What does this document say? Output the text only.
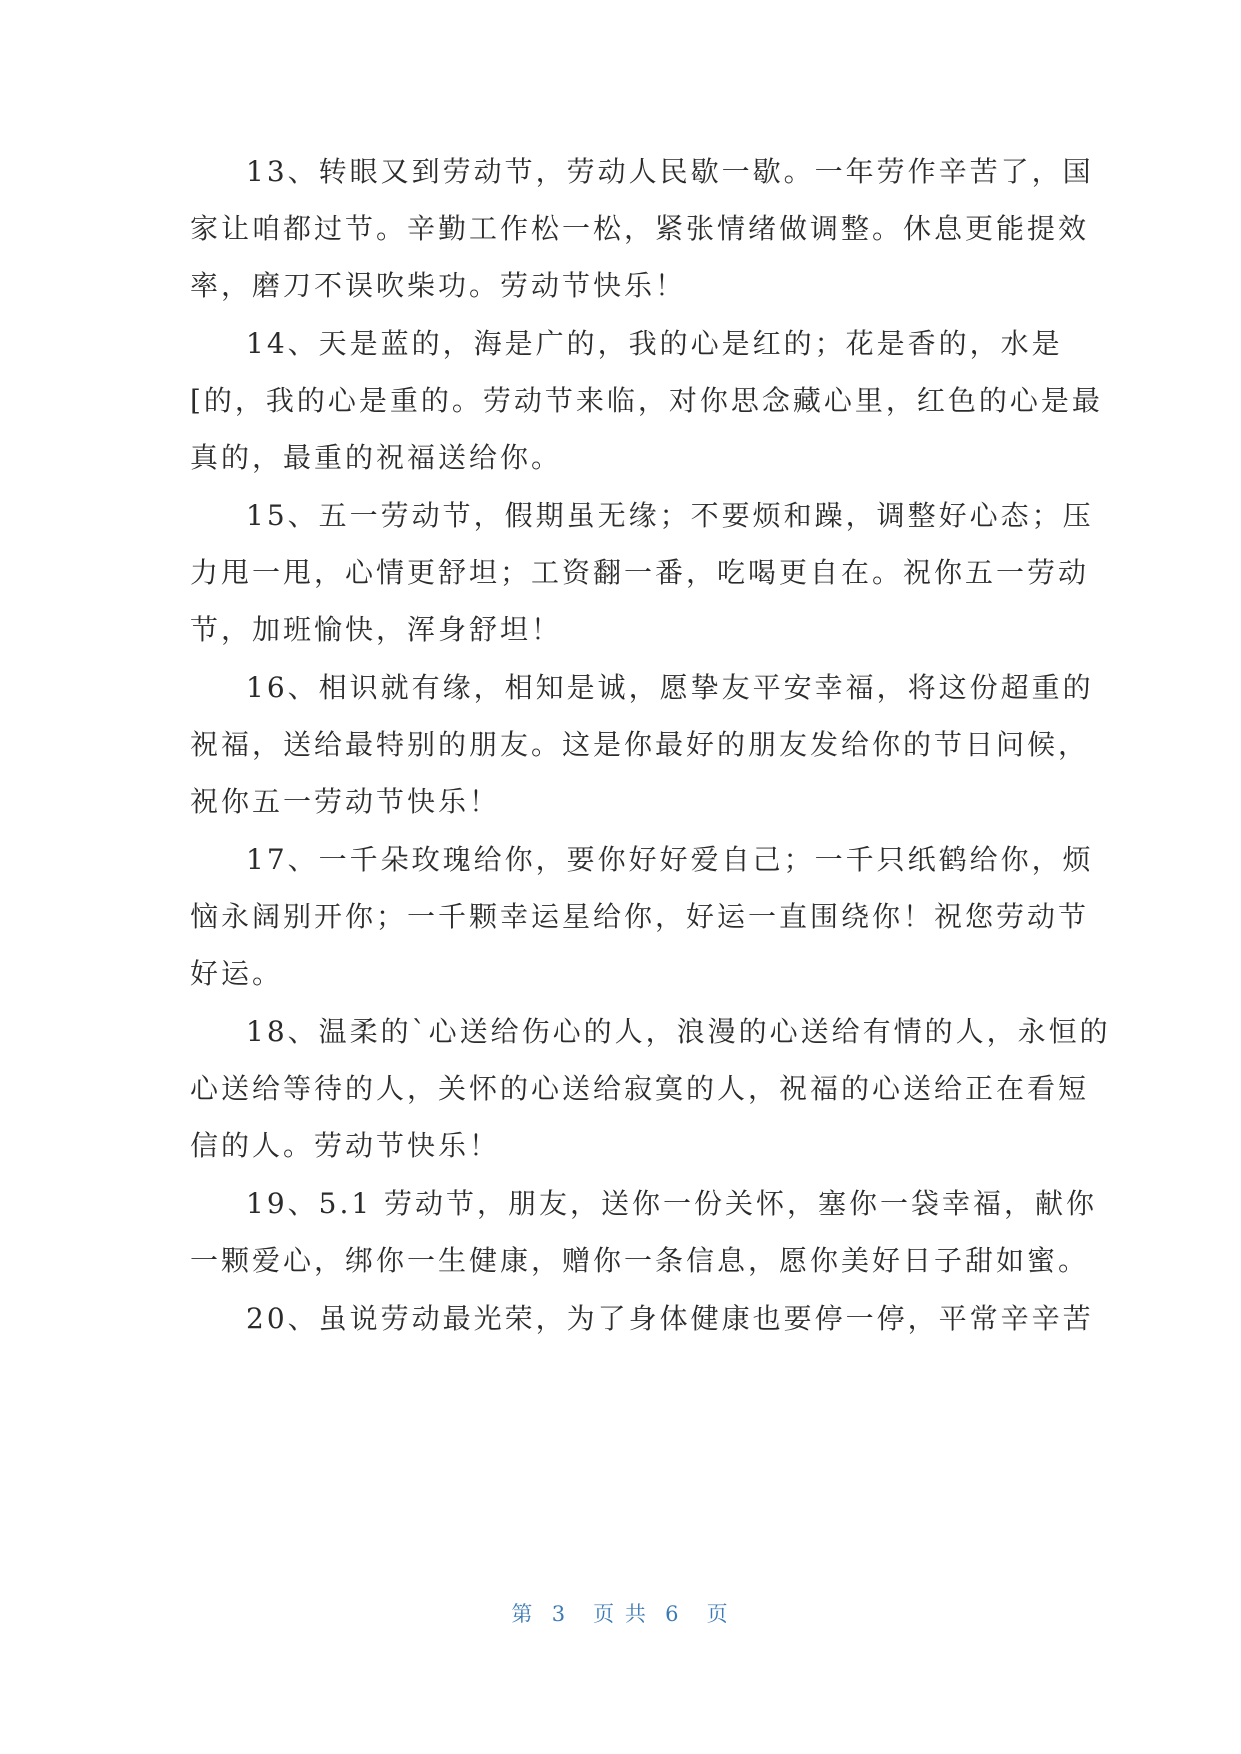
13、转眼又到劳动节，劳动人民歇一歇。一年劳作辛苦了，国
家让咱都过节。辛勤工作松一松，紧张情绪做调整。休息更能提效
率，磨刀不误吹柴功。劳动节快乐！
14、天是蓝的，海是广的，我的心是红的；花是香的，水是
[的，我的心是重的。劳动节来临，对你思念藏心里，红色的心是最
真的，最重的祝福送给你。
15、五一劳动节，假期虽无缘；不要烦和躁，调整好心态；压
力甩一甩，心情更舒坦；工资翻一番，吃喝更自在。祝你五一劳动
节，加班愉快，浑身舒坦！
16、相识就有缘，相知是诚，愿挚友平安幸福，将这份超重的
祝福，送给最特别的朋友。这是你最好的朋友发给你的节日问候，
祝你五一劳动节快乐！
17、一千朵玫瑰给你，要你好好爱自己；一千只纸鹤给你，烦
恼永阔别开你；一千颗幸运星给你，好运一直围绕你！祝您劳动节
好运。
18、温柔的`心送给伤心的人，浪漫的心送给有情的人，永恒的
心送给等待的人，关怀的心送给寂寞的人，祝福的心送给正在看短
信的人。劳动节快乐！
19、5.1 劳动节，朋友，送你一份关怀，塞你一袋幸福，献你
一颗爱心，绑你一生健康，赠你一条信息，愿你美好日子甜如蜜。
20、虽说劳动最光荣，为了身体健康也要停一停，平常辛辛苦
第  3   页 共  6   页
